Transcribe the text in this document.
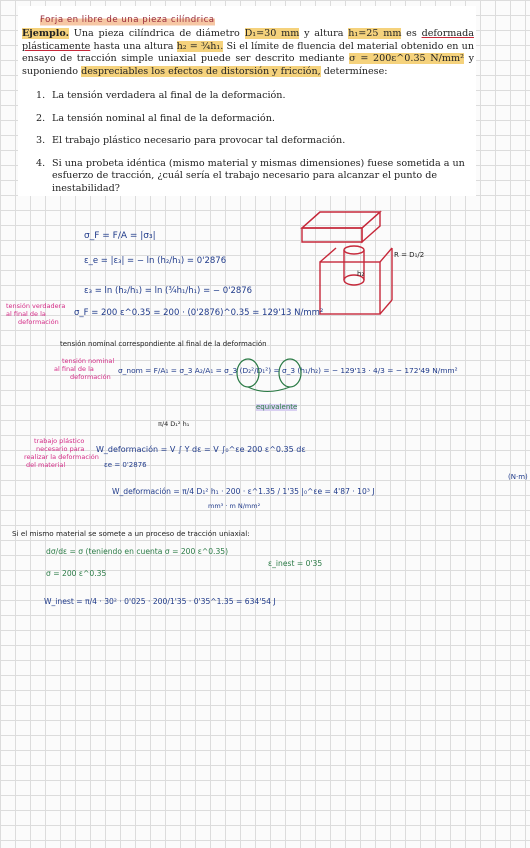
Forja en libre de una pieza cilíndrica
Ejemplo. Una pieza cilíndrica de diámetro D₁=30 mm y altura h₁=25 mm es deformada plásticamente hasta una altura h₂ = ¾h₁. Si el límite de fluencia del material obtenido en un ensayo de tracción simple uniaxial puede ser descrito mediante σ = 200ε^0.35 N/mm² y suponiendo despreciables los efectos de distorsión y fricción, determínese:
1. La tensión verdadera al final de la deformación.
2. La tensión nominal al final de la deformación.
3. El trabajo plástico necesario para provocar tal deformación.
4. Si una probeta idéntica (mismo material y mismas dimensiones) fuese sometida a un esfuerzo de tracción, ¿cuál sería el trabajo necesario para alcanzar el punto de inestabilidad?
h₂
R = D₁/2
σ_F = F/A = |σ₃|
ε_e = |ε₃| = − ln (h₂/h₁) = 0'2876
ε₃ = ln (h₂/h₁) = ln (¾h₁/h₁) = − 0'2876
tensión verdadera
al final de la
deformación
σ_F = 200 ε^0.35 = 200 · (0'2876)^0.35 = 129'13 N/mm²
tensión nominal correspondiente al final de la deformación
tensión nominal
al final de la
deformación
σ_nom = F/A₁ = σ_3 A₂/A₁ = σ_3 (D₂²/D₁²) = σ_3 (h₁/h₂) = − 129'13 · 4/3 = − 172'49 N/mm²
equivalente
π/4 D₁² h₁
trabajo plástico
necesario para
realizar la deformación
del material
W_deformación = V ∫ Y dε = V ∫₀^εe 200 ε^0.35 dε
εe = 0'2876
(N·m)
W_deformación = π/4 D₁² h₁ · 200 · ε^1.35 / 1'35 |₀^εe = 4'87 · 10³ J
mm³ · m N/mm²
Si el mismo material se somete a un proceso de tracción uniaxial:
dσ/dε = σ (teniendo en cuenta σ = 200 ε^0.35)
σ = 200 ε^0.35
ε_inest = 0'35
W_inest = π/4 · 30² · 0'025 · 200/1'35 · 0'35^1.35 = 634'54 J
